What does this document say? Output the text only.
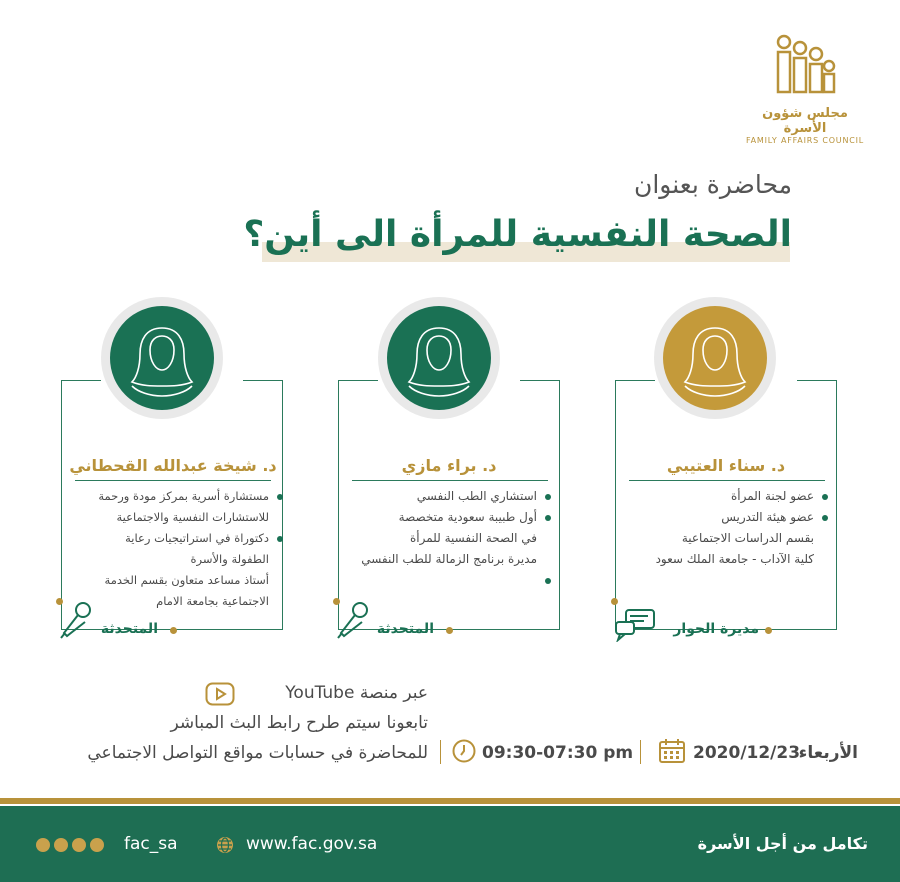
مجلس شؤون الأسرة
FAMILY AFFAIRS COUNCIL
محاضرة بعنوان
الصحة النفسية للمرأة الى أين؟
د. سناء العتيبي
عضو لجنة المرأة
عضو هيئة التدريس
بقسم الدراسات الاجتماعية
كلية الآداب - جامعة الملك سعود
مديرة الحوار
د. براء مازي
استشاري الطب النفسي
أول طبيبة سعودية متخصصة
في الصحة النفسية للمرأة
مديرة برنامج الزمالة للطب النفسي

المتحدثة
د. شيخة عبدالله القحطاني
مستشارة أسرية بمركز مودة ورحمة
للاستشارات النفسية والاجتماعية
دكتوراة في استراتيجيات رعاية
الطفولة والأسرة
أستاذ مساعد متعاون بقسم الخدمة
الاجتماعية بجامعة الامام
المتحدثة
عبر منصة YouTube
تابعونا سيتم طرح رابط البث المباشر
للمحاضرة في حسابات مواقع التواصل الاجتماعي	09:30-07:30 pm	2020/12/23
الأربعاء
تكامل من أجل الأسرة
www.fac.gov.sa
fac_sa
